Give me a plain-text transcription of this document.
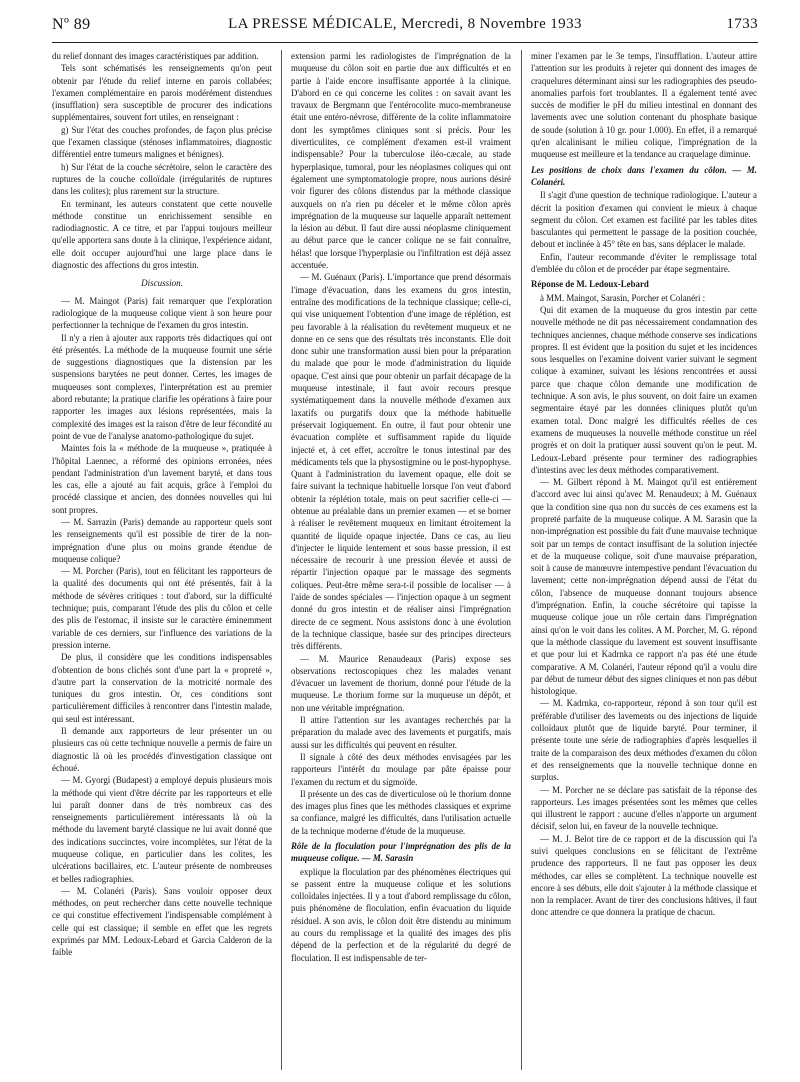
Nº 89	LA PRESSE MÉDICALE, Mercredi, 8 Novembre 1933	1733

du relief donnant des images caractéristiques par addition.

Tels sont schématisés les renseignements qu'on peut obtenir par l'étude du relief interne en parois collabées; l'examen complémentaire en parois modérément distendues (insufflation) sera susceptible de procurer des indications supplémentaires, souvent fort utiles, en renseignant :

g) Sur l'état des couches profondes, de façon plus précise que l'examen classique (sténoses inflammatoires, diagnostic différentiel entre tumeurs malignes et bénignes).

h) Sur l'état de la couche sécrétoire, selon le caractère des ruptures de la couche colloïdale (irrégularités de ruptures dans les colites); plus rarement sur la structure.

En terminant, les auteurs constatent que cette nouvelle méthode constitue un enrichissement sensible en radiodiagnostic. A ce titre, et par l'appui toujours meilleur qu'elle apportera sans doute à la clinique, l'expérience aidant, elle doit occuper aujourd'hui une large place dans le diagnostic des affections du gros intestin.

Discussion.

— M. Maingot (Paris) fait remarquer que l'exploration radiologique de la muqueuse colique vient à son heure pour perfectionner la technique de l'examen du gros intestin.

Il n'y a rien à ajouter aux rapports très didactiques qui ont été présentés. La méthode de la muqueuse fournit une série de suggestions diagnostiques que la distension par les suspensions barytées ne peut donner. Certes, les images de muqueuses sont complexes, l'interprétation est au premier abord rebutante; la pratique clarifie les opérations à faire pour rapporter les images aux lésions représentées, mais la complexité des images est la raison d'être de leur fécondité au point de vue de l'analyse anatomo-pathologique du sujet.

Maintes fois la « méthode de la muqueuse », pratiquée à l'hôpital Laennec, a réformé des opinions erronées, nées pendant l'administration d'un lavement baryté, et dans tous les cas, elle a ajouté au fait acquis, grâce à l'emploi du procédé classique et ancien, des données nouvelles qui lui sont propres.

— M. Sarrazin (Paris) demande au rapporteur quels sont les renseignements qu'il est possible de tirer de la non-imprégnation d'une plus ou moins grande étendue de muqueuse colique?

— M. Porcher (Paris), tout en félicitant les rapporteurs de la qualité des documents qui ont été présentés, fait à la méthode de sévères critiques : tout d'abord, sur la difficulté technique; puis, comparant l'étude des plis du côlon et celle des plis de l'estomac, il insiste sur le caractère éminemment variable de ces derniers, sur l'influence des variations de la pression interne.

De plus, il considère que les conditions indispensables d'obtention de bons clichés sont d'une part la « propreté », d'autre part la conservation de la motricité normale des tuniques du gros intestin. Or, ces conditions sont particulièrement difficiles à rencontrer dans l'intestin malade, qui seul est intéressant.

Il demande aux rapporteurs de leur présenter un ou plusieurs cas où cette technique nouvelle a permis de faire un diagnostic là où les procédés d'investigation classique ont échoué.

— M. Gyorgi (Budapest) a employé depuis plusieurs mois la méthode qui vient d'être décrite par les rapporteurs et elle lui paraît donner dans de très nombreux cas des renseignements particulièrement intéressants là où la méthode du lavement baryté classique ne lui avait donné que des indications succinctes, voire incomplètes, sur l'état de la muqueuse colique, en particulier dans les colites, les ulcérations bacillaires, etc. L'auteur présente de nombreuses et belles radiographies.

— M. Colanéri (Paris). Sans vouloir opposer deux méthodes, on peut rechercher dans cette nouvelle technique ce qui constitue effectivement l'indispensable complément à celle qui est classique; il semble en effet que les regrets exprimés par MM. Ledoux-Lebard et Garcia Calderon de la faible

extension parmi les radiologistes de l'imprégnation de la muqueuse du côlon soit en partie due aux difficultés et en partie à l'aide encore insuffisante apportée à la clinique. D'abord en ce qui concerne les colites : on savait avant les travaux de Bergmann que l'entérocolite muco-membraneuse était une entéro-névrose, différente de la colite inflammatoire dont les symptômes cliniques sont si précis. Pour les diverticulites, ce complément d'examen est-il vraiment indispensable? Pour la tuberculose iléo-cæcale, au stade hyperplasique, tumoral, pour les néoplasmes coliques qui ont également une symptomatologie propre, nous aurions désiré voir figurer des côlons distendus par la méthode classique auxquels on n'a rien pu déceler et le même côlon après imprégnation de la muqueuse sur laquelle apparaît nettement la lésion au début. Il faut dire aussi néoplasme cliniquement au début parce que le cancer colique ne se fait connaître, hélas! que lorsque l'hyperplasie ou l'infiltration est déjà assez accentuée.

— M. Guénaux (Paris). L'importance que prend désormais l'image d'évacuation, dans les examens du gros intestin, entraîne des modifications de la technique classique; celle-ci, qui vise uniquement l'obtention d'une image de réplétion, est peu favorable à la réalisation du revêtement muqueux et ne donne en ce sens que des résultats très inconstants. Elle doit donc subir une transformation aussi bien pour la préparation du malade que pour le mode d'administration du liquide opaque. C'est ainsi que pour obtenir un parfait décapage de la muqueuse intestinale, il faut avoir recours presque systématiquement dans la nouvelle méthode d'examen aux laxatifs ou purgatifs doux que la méthode habituelle préservait logiquement. En outre, il faut pour obtenir une évacuation complète et suffisamment rapide du liquide injecté et, à cet effet, accroître le tonus intestinal par des médicaments tels que la physostigmine ou le post-hypophyse. Quant à l'administration du lavement opaque, elle doit se faire suivant la technique habituelle lorsque l'on veut d'abord obtenir la réplétion totale, mais on peut sacrifier celle-ci — obtenue au préalable dans un premier examen — et se borner à réaliser le revêtement muqueux en limitant étroitement la quantité de liquide opaque injectée. Dans ce cas, au lieu d'injecter le liquide lentement et sous basse pression, il est nécessaire de recourir à une pression élevée et aussi de répartir l'injection opaque par le massage des segments coliques. Peut-être même sera-t-il possible de localiser — à l'aide de sondes spéciales — l'injection opaque à un segment donné du gros intestin et de réaliser ainsi l'imprégnation directe de ce segment. Nous assistons donc à une évolution de la technique classique, basée sur des principes directeurs très différents.

— M. Maurice Renaudeaux (Paris) expose ses observations rectoscopiques chez les malades venant d'évacuer un lavement de thorium, donné pour l'étude de la muqueuse. Le thorium forme sur la muqueuse un dépôt, et non une véritable imprégnation.

Il attire l'attention sur les avantages recherchés par la préparation du malade avec des lavements et purgatifs, mais aussi sur les difficultés qui peuvent en résulter.

Il signale à côté des deux méthodes envisagées par les rapporteurs l'intérêt du moulage par pâte épaisse pour l'examen du rectum et du sigmoïde.

Il présente un des cas de diverticulose où le thorium donne des images plus fines que les méthodes classiques et exprime sa confiance, malgré les difficultés, dans l'utilisation actuelle de la technique moderne d'étude de la muqueuse.

Rôle de la floculation pour l'imprégnation des plis de la muqueuse colique. — M. Sarasin

explique la floculation par des phénomènes électriques qui se passent entre la muqueuse colique et les solutions colloïdales injectées. Il y a tout d'abord remplissage du côlon, puis phénomène de floculation, enfin évacuation du liquide résiduel. A son avis, le côlon doit être distendu au minimum au cours du remplissage et la qualité des images des plis dépend de la perfection et de la régularité du degré de floculation. Il est indispensable de ter-

miner l'examen par le 3e temps, l'insufflation. L'auteur attire l'attention sur les produits à rejeter qui donnent des images de craquelures déterminant ainsi sur les radiographies des pseudo-anomalies parfois fort troublantes. Il a également tenté avec succès de modifier le pH du milieu intestinal en donnant des lavements avec une solution contenant du phosphate basique de soude (solution à 10 gr. pour 1.000). En effet, il a remarqué qu'en alcalinisant le milieu colique, l'imprégnation de la muqueuse est meilleure et la tendance au craquelage diminue.

Les positions de choix dans l'examen du côlon. — M. Colanéri.

Il s'agit d'une question de technique radiologique. L'auteur a décrit la position d'examen qui convient le mieux à chaque segment du côlon. Cet examen est facilité par les tables dites basculantes qui permettent le passage de la position couchée, debout et inclinée à 45° tête en bas, sans déplacer le malade.

Enfin, l'auteur recommande d'éviter le remplissage total d'emblée du côlon et de procéder par étape segmentaire.

Réponse de M. Ledoux-Lebard

à MM. Maingot, Sarasin, Porcher et Colanéri :

Qui dit examen de la muqueuse du gros intestin par cette nouvelle méthode ne dit pas nécessairement condamnation des techniques anciennes, chaque méthode conserve ses indications propres. Il est évident que la position du sujet et les incidences sous lesquelles on l'examine doivent varier suivant le segment colique à examiner, suivant les lésions rencontrées et aussi parce que chaque côlon demande une modification de technique. A son avis, le plus souvent, on doit faire un examen segmentaire étayé par les données cliniques plutôt qu'un examen total. Donc malgré les difficultés réelles de ces examens de muqueuses la nouvelle méthode constitue un réel progrès et on doit la pratiquer aussi souvent qu'on le peut. M. Ledoux-Lebard présente pour terminer des radiographies d'intestins avec les deux méthodes comparativement.

— M. Gilbert répond à M. Maingot qu'il est entièrement d'accord avec lui ainsi qu'avec M. Renaudeux; à M. Guénaux que la condition sine qua non du succès de ces examens est la propreté parfaite de la muqueuse colique. A M. Sarasin que la non-imprégnation est possible du fait d'une mauvaise technique soit par un temps de contact insuffisant de la solution injectée et de la muqueuse colique, soit d'une mauvaise préparation, soit à cause de manœuvre intempestive pendant l'évacuation du lavement; cette non-imprégnation dépend aussi de l'état du côlon, l'absence de muqueuse donnant toujours absence d'imprégnation. Enfin, la couche sécrétoire qui tapisse la muqueuse colique joue un rôle certain dans l'imprégnation ainsi qu'on le voit dans les colites. A M. Porcher, M. G. répond que la méthode classique du lavement est souvent insuffisante et que pour lui et Kadrnka ce rapport n'a pas été une étude comparative. A M. Colanéri, l'auteur répond qu'il a voulu dire par début de tumeur début des signes cliniques et non pas début histologique.

— M. Kadrnka, co-rapporteur, répond à son tour qu'il est préférable d'utiliser des lavements ou des injections de liquide colloïdaux plutôt que de liquide baryté. Pour terminer, il présente toute une série de radiographies d'après lesquelles il traite de la comparaison des deux méthodes d'examen du côlon et des renseignements que la nouvelle technique donne en surplus.

— M. Porcher ne se déclare pas satisfait de la réponse des rapporteurs. Les images présentées sont les mêmes que celles qui illustrent le rapport : aucune d'elles n'apporte un argument décisif, selon lui, en faveur de la nouvelle technique.

— M. J. Belot tire de ce rapport et de la discussion qui l'a suivi quelques conclusions en se félicitant de l'extrême prudence des rapporteurs. Il ne faut pas opposer les deux méthodes, car elles se complètent. La technique nouvelle est encore à ses débuts, elle doit s'ajouter à la méthode classique et non la remplacer. Avant de tirer des conclusions hâtives, il faut donc attendre ce que donnera la pratique de chacun.
